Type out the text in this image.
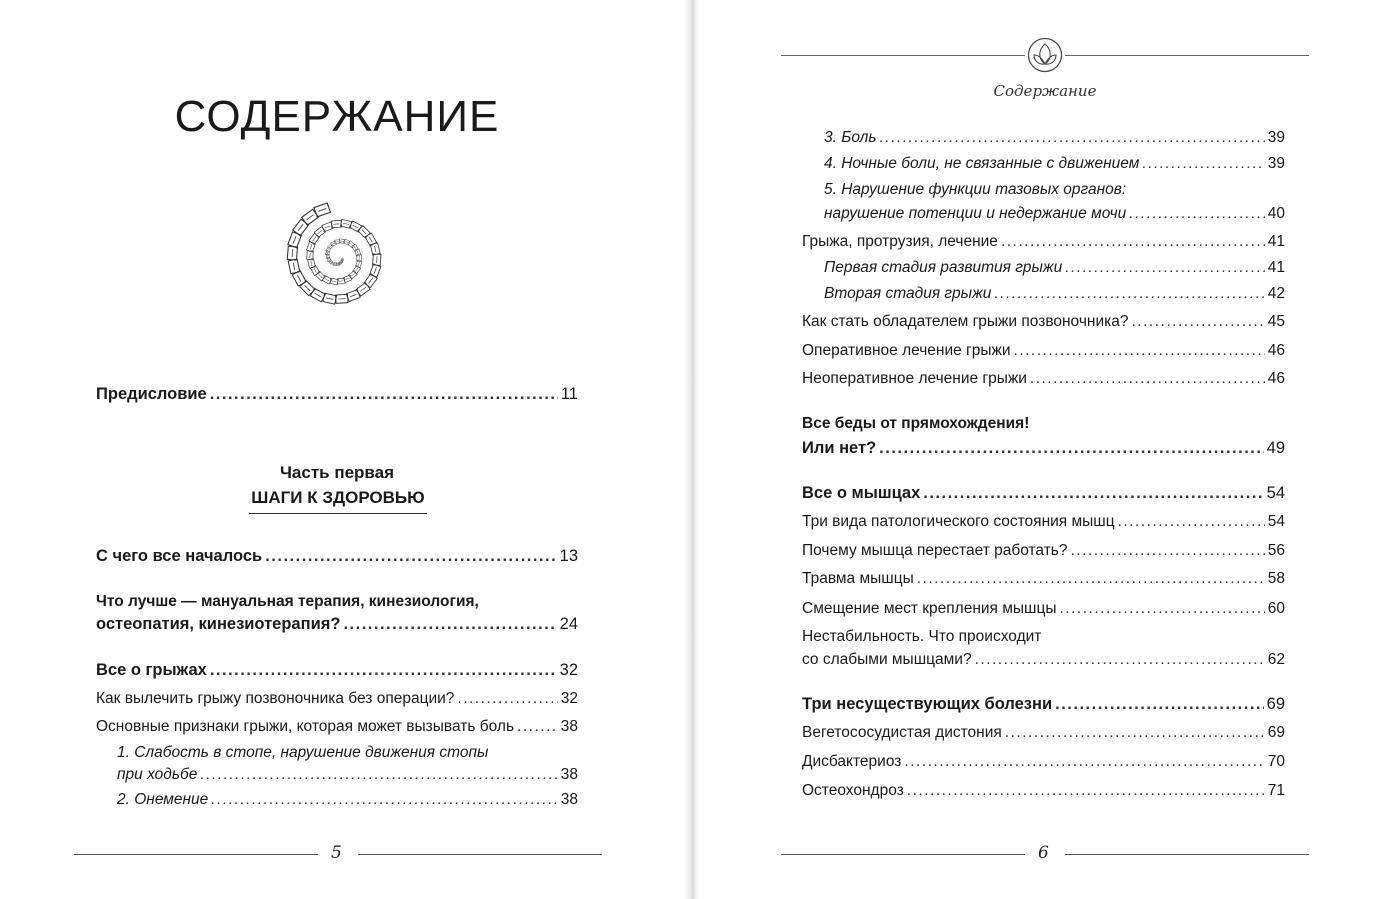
СОДЕРЖАНИЕ
Предисловие .....	11
Часть первая
ШАГИ К ЗДОРОВЬЮ
С чего все началось .....	13
Что лучше — мануальная терапия, кинезиология,
остеопатия, кинезиотерапия? .....	24
Все о грыжах .....	32
Как вылечить грыжу позвоночника без операции? .....	32
Основные признаки грыжи, которая может вызывать боль .....	38
1. Слабость в стопе, нарушение движения стопы
при ходьбе .....	38
2. Онемение .....	38
5
Содержание
3. Боль .....	39
4. Ночные боли, не связанные с движением .....	39
5. Нарушение функции тазовых органов:
нарушение потенции и недержание мочи .....	40
Грыжа, протрузия, лечение .....	41
Первая стадия развития грыжи .....	41
Вторая стадия грыжи .....	42
Как стать обладателем грыжи позвоночника? .....	45
Оперативное лечение грыжи .....	46
Неоперативное лечение грыжи .....	46
Все беды от прямохождения!
Или нет? .....	49
Все о мышцах .....	54
Три вида патологического состояния мышц .....	54
Почему мышца перестает работать? .....	56
Травма мышцы .....	58
Смещение мест крепления мышцы .....	60
Нестабильность. Что происходит
со слабыми мышцами? .....	62
Три несуществующих болезни .....	69
Вегетососудистая дистония .....	69
Дисбактериоз .....	70
Остеохондроз .....	71
6
